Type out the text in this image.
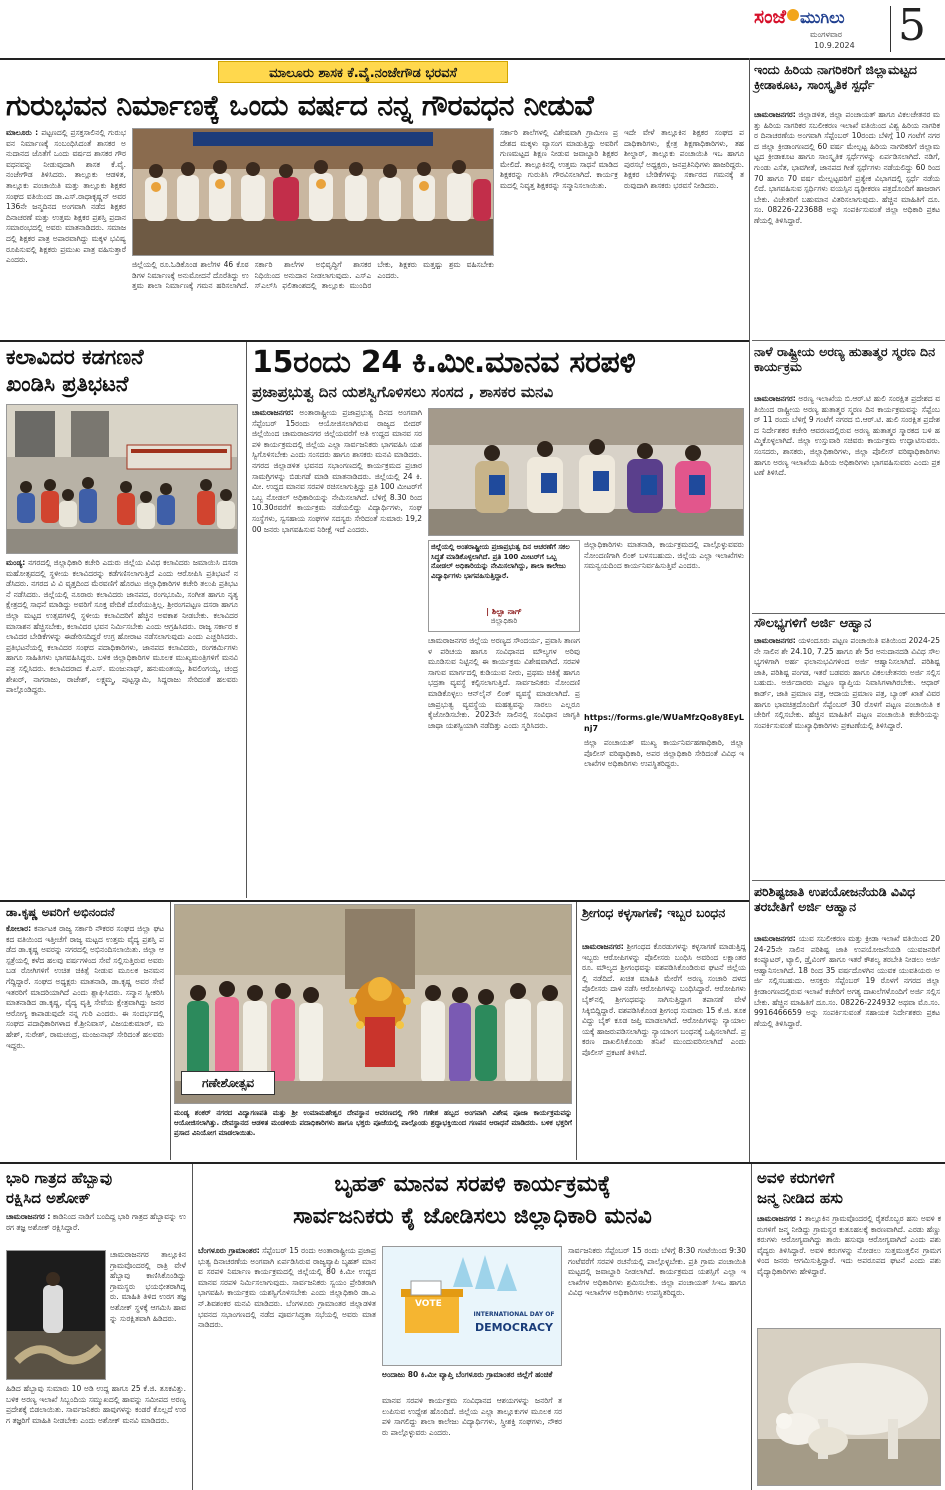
ಸಂಜೆ ಮುಗಿಲು
ಮಂಗಳವಾರ
10.9.2024 5
ಮಾಲೂರು ಶಾಸಕ ಕೆ.ವೈ.ನಂಜೇಗೌಡ ಭರವಸೆ
ಗುರುಭವನ ನಿರ್ಮಾಣಕ್ಕೆ ಒಂದು ವರ್ಷದ ನನ್ನ ಗೌರವಧನ ನೀಡುವೆ
ಮಾಲೂರು : ಪಟ್ಟಣದಲ್ಲಿ ಪ್ರಸಕ್ತಸಾಲಿನಲ್ಲಿ ಗುರುಭವನ ನಿರ್ಮಾಣಕ್ಕೆ ಸಂಬಂಧಿಸಿದಂತೆ ಶಾಸಕರ ಅನುದಾನದ ಜೊತೆಗೆ ಒಂದು ವರ್ಷದ ಶಾಸಕರ ಗೌರವಧನವನ್ನು ನೀಡುವುದಾಗಿ ಶಾಸಕ ಕೆ.ವೈ.ನಂಜೇಗೌಡ ತಿಳಿಸಿದರು. ತಾಲ್ಲೂಕು ಆಡಳಿತ, ತಾಲ್ಲೂಕು ಪಂಚಾಯಿತಿ ಮತ್ತು ತಾಲ್ಲೂಕು ಶಿಕ್ಷಕರ ಸಂಘದ ವತಿಯಿಂದ ಡಾ.ಎಸ್.ರಾಧಾಕೃಷ್ಣನ್ ಅವರ 136ನೇ ಜನ್ಮದಿನದ ಅಂಗವಾಗಿ ನಡೆದ ಶಿಕ್ಷಕರ ದಿನಾಚರಣೆ ಮತ್ತು ಉತ್ತಮ ಶಿಕ್ಷಕರ ಪ್ರಶಸ್ತಿ ಪ್ರದಾನ ಸಮಾರಂಭದಲ್ಲಿ ಅವರು ಮಾತನಾಡಿದರು. ಸಮಾಜದಲ್ಲಿ ಶಿಕ್ಷಕರ ಪಾತ್ರ ಅಪಾರವಾಗಿದ್ದು ಮಕ್ಕಳ ಭವಿಷ್ಯ ರೂಪಿಸುವಲ್ಲಿ ಶಿಕ್ಷಕರು ಪ್ರಮುಖ ಪಾತ್ರ ವಹಿಸುತ್ತಾರೆ ಎಂದರು.
ಜಿಲ್ಲೆಯಲ್ಲಿ ರೂ.ಓಡಿಕೊಂಡ ಶಾಲೆಗಳ 46 ಕೊಠಡಿಗಳ ನಿರ್ಮಾಣಕ್ಕೆ ಅನುಮೋದನೆ ದೊರೆತಿದ್ದು ಉತ್ತಮ ಶಾಲಾ ನಿರ್ಮಾಣಕ್ಕೆ ಗಮನ ಹರಿಸಲಾಗಿದೆ. ಸರ್ಕಾರಿ ಶಾಲೆಗಳ ಅಭಿವೃದ್ಧಿಗೆ ಶಾಸಕರ ನಿಧಿಯಿಂದ ಅನುದಾನ ನೀಡಲಾಗುವುದು. ಎಸ್‌ಎಸ್‌ಎಲ್‌ಸಿ ಫಲಿತಾಂಶದಲ್ಲಿ ತಾಲ್ಲೂಕು ಮುಂದಿರಬೇಕು, ಶಿಕ್ಷಕರು ಮತ್ತಷ್ಟು ಶ್ರಮ ವಹಿಸಬೇಕು ಎಂದರು.
ಸರ್ಕಾರಿ ಶಾಲೆಗಳಲ್ಲಿ ವಿಶೇಷವಾಗಿ ಗ್ರಾಮೀಣ ಪ್ರದೇಶದ ಮಕ್ಕಳು ವ್ಯಾಸಂಗ ಮಾಡುತ್ತಿದ್ದು ಅವರಿಗೆ ಗುಣಮಟ್ಟದ ಶಿಕ್ಷಣ ನೀಡುವ ಜವಾಬ್ದಾರಿ ಶಿಕ್ಷಕರ ಮೇಲಿದೆ. ತಾಲ್ಲೂಕಿನಲ್ಲಿ ಉತ್ತಮ ಸಾಧನೆ ಮಾಡಿದ ಶಿಕ್ಷಕರನ್ನು ಗುರುತಿಸಿ ಗೌರವಿಸಲಾಗಿದೆ. ಕಾರ್ಯಕ್ರಮದಲ್ಲಿ ನಿವೃತ್ತ ಶಿಕ್ಷಕರನ್ನು ಸನ್ಮಾನಿಸಲಾಯಿತು.
ಇದೇ ವೇಳೆ ತಾಲ್ಲೂಕಿನ ಶಿಕ್ಷಕರ ಸಂಘದ ಪದಾಧಿಕಾರಿಗಳು, ಕ್ಷೇತ್ರ ಶಿಕ್ಷಣಾಧಿಕಾರಿಗಳು, ತಹಶೀಲ್ದಾರ್, ತಾಲ್ಲೂಕು ಪಂಚಾಯಿತಿ ಇಒ ಹಾಗೂ ಪುರಸಭೆ ಅಧ್ಯಕ್ಷರು, ಜನಪ್ರತಿನಿಧಿಗಳು ಹಾಜರಿದ್ದರು. ಶಿಕ್ಷಕರ ಬೇಡಿಕೆಗಳನ್ನು ಸರ್ಕಾರದ ಗಮನಕ್ಕೆ ತರುವುದಾಗಿ ಶಾಸಕರು ಭರವಸೆ ನೀಡಿದರು.
ಇಂದು ಹಿರಿಯ ನಾಗರಿಕರಿಗೆ ಜಿಲ್ಲಾಮಟ್ಟದ ಕ್ರೀಡಾಕೂಟ, ಸಾಂಸ್ಕೃತಿಕ ಸ್ಪರ್ಧೆ
ಚಾಮರಾಜನಗರ: ಜಿಲ್ಲಾಡಳಿತ, ಜಿಲ್ಲಾ ಪಂಚಾಯತ್ ಹಾಗೂ ವಿಕಲಚೇತನರ ಮತ್ತು ಹಿರಿಯ ನಾಗರಿಕರ ಸಬಲೀಕರಣ ಇಲಾಖೆ ವತಿಯಿಂದ ವಿಶ್ವ ಹಿರಿಯ ನಾಗರಿಕರ ದಿನಾಚರಣೆಯ ಅಂಗವಾಗಿ ಸೆಪ್ಟೆಂಬರ್ 10ರಂದು ಬೆಳಿಗ್ಗೆ 10 ಗಂಟೆಗೆ ನಗರದ ಜಿಲ್ಲಾ ಕ್ರೀಡಾಂಗಣದಲ್ಲಿ 60 ವರ್ಷ ಮೇಲ್ಪಟ್ಟ ಹಿರಿಯ ನಾಗರಿಕರಿಗೆ ಜಿಲ್ಲಾಮಟ್ಟದ ಕ್ರೀಡಾಕೂಟ ಹಾಗೂ ಸಾಂಸ್ಕೃತಿಕ ಸ್ಪರ್ಧೆಗಳನ್ನು ಏರ್ಪಡಿಸಲಾಗಿದೆ. ನಡಿಗೆ, ಗುಂಡು ಎಸೆತ, ಭಾವಗೀತೆ, ಜಾನಪದ ಗೀತೆ ಸ್ಪರ್ಧೆಗಳು ನಡೆಯಲಿದ್ದು 60 ರಿಂದ 70 ಹಾಗೂ 70 ವರ್ಷ ಮೇಲ್ಪಟ್ಟವರಿಗೆ ಪ್ರತ್ಯೇಕ ವಿಭಾಗದಲ್ಲಿ ಸ್ಪರ್ಧೆ ನಡೆಯಲಿದೆ. ಭಾಗವಹಿಸುವ ಸ್ಪರ್ಧಿಗಳು ವಯಸ್ಸಿನ ದೃಢೀಕರಣ ಪತ್ರದೊಂದಿಗೆ ಹಾಜರಾಗಬೇಕು. ವಿಜೇತರಿಗೆ ಬಹುಮಾನ ವಿತರಿಸಲಾಗುವುದು. ಹೆಚ್ಚಿನ ಮಾಹಿತಿಗೆ ದೂ.ಸಂ. 08226-223688 ಅನ್ನು ಸಂಪರ್ಕಿಸುವಂತೆ ಜಿಲ್ಲಾ ಅಧಿಕಾರಿ ಪ್ರಕಟಣೆಯಲ್ಲಿ ತಿಳಿಸಿದ್ದಾರೆ.
ನಾಳೆ ರಾಷ್ಟ್ರೀಯ ಅರಣ್ಯ ಹುತಾತ್ಮರ ಸ್ಮರಣ ದಿನ ಕಾರ್ಯಕ್ರಮ
ಚಾಮರಾಜನಗರ: ಅರಣ್ಯ ಇಲಾಖೆಯ ಬಿ.ಆರ್.ಟಿ ಹುಲಿ ಸಂರಕ್ಷಿತ ಪ್ರದೇಶದ ವತಿಯಿಂದ ರಾಷ್ಟ್ರೀಯ ಅರಣ್ಯ ಹುತಾತ್ಮರ ಸ್ಮರಣ ದಿನ ಕಾರ್ಯಕ್ರಮವನ್ನು ಸೆಪ್ಟೆಂಬರ್ 11 ರಂದು ಬೆಳಿಗ್ಗೆ 9 ಗಂಟೆಗೆ ನಗರದ ಬಿ.ಆರ್.ಟಿ. ಹುಲಿ ಸಂರಕ್ಷಿತ ಪ್ರದೇಶದ ನಿರ್ದೇಶಕರ ಕಚೇರಿ ಆವರಣದಲ್ಲಿರುವ ಅರಣ್ಯ ಹುತಾತ್ಮರ ಸ್ಮಾರಕದ ಬಳಿ ಹಮ್ಮಿಕೊಳ್ಳಲಾಗಿದೆ. ಜಿಲ್ಲಾ ಉಸ್ತುವಾರಿ ಸಚಿವರು ಕಾರ್ಯಕ್ರಮ ಉದ್ಘಾಟಿಸುವರು. ಸಂಸದರು, ಶಾಸಕರು, ಜಿಲ್ಲಾಧಿಕಾರಿಗಳು, ಜಿಲ್ಲಾ ಪೊಲೀಸ್ ವರಿಷ್ಠಾಧಿಕಾರಿಗಳು ಹಾಗೂ ಅರಣ್ಯ ಇಲಾಖೆಯ ಹಿರಿಯ ಅಧಿಕಾರಿಗಳು ಭಾಗವಹಿಸುವರು ಎಂದು ಪ್ರಕಟಣೆ ತಿಳಿಸಿದೆ.
ಸೌಲಭ್ಯಗಳಿಗೆ ಅರ್ಜಿ ಆಹ್ವಾನ
ಚಾಮರಾಜನಗರ: ಯಳಂದೂರು ಪಟ್ಟಣ ಪಂಚಾಯಿತಿ ವತಿಯಿಂದ 2024-25ನೇ ಸಾಲಿನ ಶೇ 24.10, 7.25 ಹಾಗೂ ಶೇ 5ರ ಅನುದಾನದಡಿ ವಿವಿಧ ಸೌಲಭ್ಯಗಳಿಗಾಗಿ ಅರ್ಹ ಫಲಾನುಭವಿಗಳಿಂದ ಅರ್ಜಿ ಆಹ್ವಾನಿಸಲಾಗಿದೆ. ಪರಿಶಿಷ್ಟ ಜಾತಿ, ಪರಿಶಿಷ್ಟ ಪಂಗಡ, ಇತರೆ ಬಡವರು ಹಾಗೂ ವಿಕಲಚೇತನರು ಅರ್ಜಿ ಸಲ್ಲಿಸಬಹುದು. ಅರ್ಜಿದಾರರು ಪಟ್ಟಣ ವ್ಯಾಪ್ತಿಯ ನಿವಾಸಿಗಳಾಗಿರಬೇಕು. ಆಧಾರ್ ಕಾರ್ಡ್, ಜಾತಿ ಪ್ರಮಾಣ ಪತ್ರ, ಆದಾಯ ಪ್ರಮಾಣ ಪತ್ರ, ಬ್ಯಾಂಕ್ ಖಾತೆ ವಿವರ ಹಾಗೂ ಭಾವಚಿತ್ರದೊಂದಿಗೆ ಸೆಪ್ಟೆಂಬರ್ 30 ರೊಳಗೆ ಪಟ್ಟಣ ಪಂಚಾಯಿತಿ ಕಚೇರಿಗೆ ಸಲ್ಲಿಸಬೇಕು. ಹೆಚ್ಚಿನ ಮಾಹಿತಿಗೆ ಪಟ್ಟಣ ಪಂಚಾಯಿತಿ ಕಚೇರಿಯನ್ನು ಸಂಪರ್ಕಿಸುವಂತೆ ಮುಖ್ಯಾಧಿಕಾರಿಗಳು ಪ್ರಕಟಣೆಯಲ್ಲಿ ತಿಳಿಸಿದ್ದಾರೆ.
ಪರಿಶಿಷ್ಟಜಾತಿ ಉಪಯೋಜನೆಯಡಿ ವಿವಿಧ ತರಬೇತಿಗೆ ಅರ್ಜಿ ಆಹ್ವಾನ
ಚಾಮರಾಜನಗರ: ಯುವ ಸಬಲೀಕರಣ ಮತ್ತು ಕ್ರೀಡಾ ಇಲಾಖೆ ವತಿಯಿಂದ 2024-25ನೇ ಸಾಲಿನ ಪರಿಶಿಷ್ಟ ಜಾತಿ ಉಪಯೋಜನೆಯಡಿ ಯುವಜನರಿಗೆ ಕಂಪ್ಯೂಟರ್, ಟ್ಯಾಲಿ, ಡ್ರೈವಿಂಗ್ ಹಾಗೂ ಇತರೆ ಕೌಶಲ್ಯ ತರಬೇತಿ ನೀಡಲು ಅರ್ಜಿ ಆಹ್ವಾನಿಸಲಾಗಿದೆ. 18 ರಿಂದ 35 ವರ್ಷದೊಳಗಿನ ಯುವಕ ಯುವತಿಯರು ಅರ್ಜಿ ಸಲ್ಲಿಸಬಹುದು. ಆಸಕ್ತರು ಸೆಪ್ಟೆಂಬರ್ 19 ರೊಳಗೆ ನಗರದ ಜಿಲ್ಲಾ ಕ್ರೀಡಾಂಗಣದಲ್ಲಿರುವ ಇಲಾಖೆ ಕಚೇರಿಗೆ ಅಗತ್ಯ ದಾಖಲೆಗಳೊಂದಿಗೆ ಅರ್ಜಿ ಸಲ್ಲಿಸಬೇಕು. ಹೆಚ್ಚಿನ ಮಾಹಿತಿಗೆ ದೂ.ಸಂ. 08226-224932 ಅಥವಾ ಮೊ.ಸಂ. 9916466659 ಅನ್ನು ಸಂಪರ್ಕಿಸುವಂತೆ ಸಹಾಯಕ ನಿರ್ದೇಶಕರು ಪ್ರಕಟಣೆಯಲ್ಲಿ ತಿಳಿಸಿದ್ದಾರೆ.
ಕಲಾವಿದರ ಕಡಗಣನೆ
ಖಂಡಿಸಿ ಪ್ರತಿಭಟನೆ
ಮಂಡ್ಯ: ನಗರದಲ್ಲಿ ಜಿಲ್ಲಾಧಿಕಾರಿ ಕಚೇರಿ ಎದುರು ಜಿಲ್ಲೆಯ ವಿವಿಧ ಕಲಾವಿದರು ಜಮಾಯಿಸಿ ದಸರಾ ಮಹೋತ್ಸವದಲ್ಲಿ ಸ್ಥಳೀಯ ಕಲಾವಿದರನ್ನು ಕಡೆಗಣಿಸಲಾಗುತ್ತಿದೆ ಎಂದು ಆರೋಪಿಸಿ ಪ್ರತಿಭಟನೆ ನಡೆಸಿದರು. ನಗರದ ವಿ ವಿ ವೃತ್ತದಿಂದ ಮೆರವಣಿಗೆ ಹೊರಟು ಜಿಲ್ಲಾಧಿಕಾರಿಗಳ ಕಚೇರಿ ತಲುಪಿ ಪ್ರತಿಭಟನೆ ನಡೆಸಿದರು. ಜಿಲ್ಲೆಯಲ್ಲಿ ನೂರಾರು ಕಲಾವಿದರು ಜಾನಪದ, ರಂಗಭೂಮಿ, ಸಂಗೀತ ಹಾಗೂ ನೃತ್ಯ ಕ್ಷೇತ್ರದಲ್ಲಿ ಸಾಧನೆ ಮಾಡಿದ್ದು ಅವರಿಗೆ ಸೂಕ್ತ ವೇದಿಕೆ ದೊರೆಯುತ್ತಿಲ್ಲ. ಶ್ರೀರಂಗಪಟ್ಟಣ ದಸರಾ ಹಾಗೂ ಜಿಲ್ಲಾ ಮಟ್ಟದ ಉತ್ಸವಗಳಲ್ಲಿ ಸ್ಥಳೀಯ ಕಲಾವಿದರಿಗೆ ಹೆಚ್ಚಿನ ಅವಕಾಶ ನೀಡಬೇಕು. ಕಲಾವಿದರ ಮಾಸಾಶನ ಹೆಚ್ಚಿಸಬೇಕು, ಕಲಾವಿದರ ಭವನ ನಿರ್ಮಿಸಬೇಕು ಎಂದು ಆಗ್ರಹಿಸಿದರು. ರಾಜ್ಯ ಸರ್ಕಾರ ಕಲಾವಿದರ ಬೇಡಿಕೆಗಳನ್ನು ಈಡೇರಿಸದಿದ್ದರೆ ಉಗ್ರ ಹೋರಾಟ ನಡೆಸಲಾಗುವುದು ಎಂದು ಎಚ್ಚರಿಸಿದರು. ಪ್ರತಿಭಟನೆಯಲ್ಲಿ ಕಲಾವಿದರ ಸಂಘದ ಪದಾಧಿಕಾರಿಗಳು, ಜಾನಪದ ಕಲಾವಿದರು, ರಂಗಕರ್ಮಿಗಳು ಹಾಗೂ ಸಾಹಿತಿಗಳು ಭಾಗವಹಿಸಿದ್ದರು. ಬಳಿಕ ಜಿಲ್ಲಾಧಿಕಾರಿಗಳ ಮೂಲಕ ಮುಖ್ಯಮಂತ್ರಿಗಳಿಗೆ ಮನವಿ ಪತ್ರ ಸಲ್ಲಿಸಿದರು. ಕಲಾವಿದರಾದ ಕೆ.ಎಸ್. ಮಂಜುನಾಥ್, ಹನುಮಂತಯ್ಯ, ಶಿವಲಿಂಗಯ್ಯ, ಚಂದ್ರಶೇಖರ್, ನಾಗರಾಜು, ರಾಜೇಶ್, ಲಕ್ಷ್ಮಮ್ಮ, ಪುಟ್ಟಸ್ವಾಮಿ, ಸಿದ್ದರಾಜು ಸೇರಿದಂತೆ ಹಲವರು ಪಾಲ್ಗೊಂಡಿದ್ದರು.
15ರಂದು 24 ಕಿ.ಮೀ.ಮಾನವ ಸರಪಳಿ
ಪ್ರಜಾಪ್ರಭುತ್ವ ದಿನ ಯಶಸ್ವಿಗೊಳಿಸಲು ಸಂಸದ , ಶಾಸಕರ ಮನವಿ
ಚಾಮರಾಜನಗರ: ಅಂತಾರಾಷ್ಟ್ರೀಯ ಪ್ರಜಾಪ್ರಭುತ್ವ ದಿನದ ಅಂಗವಾಗಿ ಸೆಪ್ಟೆಂಬರ್ 15ರಂದು ಆಯೋಜಿಸಲಾಗಿರುವ ರಾಜ್ಯದ ಬೀದರ್ ಜಿಲ್ಲೆಯಿಂದ ಚಾಮರಾಜನಗರ ಜಿಲ್ಲೆಯವರೆಗೆ ಅತಿ ಉದ್ದದ ಮಾನವ ಸರಪಳಿ ಕಾರ್ಯಕ್ರಮದಲ್ಲಿ ಜಿಲ್ಲೆಯ ಎಲ್ಲಾ ಸಾರ್ವಜನಿಕರು ಭಾಗವಹಿಸಿ ಯಶಸ್ವಿಗೊಳಿಸಬೇಕು ಎಂದು ಸಂಸದರು ಹಾಗೂ ಶಾಸಕರು ಮನವಿ ಮಾಡಿದರು. ನಗರದ ಜಿಲ್ಲಾಡಳಿತ ಭವನದ ಸಭಾಂಗಣದಲ್ಲಿ ಕಾರ್ಯಕ್ರಮದ ಪ್ರಚಾರ ಸಾಮಗ್ರಿಗಳನ್ನು ಬಿಡುಗಡೆ ಮಾಡಿ ಮಾತನಾಡಿದರು. ಜಿಲ್ಲೆಯಲ್ಲಿ 24 ಕಿ.ಮೀ. ಉದ್ದದ ಮಾನವ ಸರಪಳಿ ರಚಿಸಲಾಗುತ್ತಿದ್ದು ಪ್ರತಿ 100 ಮೀಟರ್‌ಗೆ ಒಬ್ಬ ನೋಡಲ್ ಅಧಿಕಾರಿಯನ್ನು ನೇಮಿಸಲಾಗಿದೆ. ಬೆಳಿಗ್ಗೆ 8.30 ರಿಂದ 10.30ರವರೆಗೆ ಕಾರ್ಯಕ್ರಮ ನಡೆಯಲಿದ್ದು ವಿದ್ಯಾರ್ಥಿಗಳು, ಸಂಘ ಸಂಸ್ಥೆಗಳು, ಸ್ವಸಹಾಯ ಸಂಘಗಳ ಸದಸ್ಯರು ಸೇರಿದಂತೆ ಸುಮಾರು 19,200 ಜನರು ಭಾಗವಹಿಸುವ ನಿರೀಕ್ಷೆ ಇದೆ ಎಂದರು.
ಜಿಲ್ಲೆಯಲ್ಲಿ ಅಂತರಾಷ್ಟ್ರೀಯ ಪ್ರಜಾಪ್ರಭುತ್ವ ದಿನ ಆಚರಣೆಗೆ ಸಕಲ ಸಿದ್ಧತೆ ಮಾಡಿಕೊಳ್ಳಲಾಗಿದೆ. ಪ್ರತಿ 100 ಮೀಟರ್‌ಗೆ ಒಬ್ಬ ನೋಡಲ್ ಅಧಿಕಾರಿಯನ್ನು ನೇಮಿಸಲಾಗಿದ್ದು, ಶಾಲಾ ಕಾಲೇಜು ವಿದ್ಯಾರ್ಥಿಗಳು ಭಾಗವಹಿಸುತ್ತಿದ್ದಾರೆ.
| ಶಿಲ್ಪಾ ನಾಗ್
ಜಿಲ್ಲಾಧಿಕಾರಿ
ಜಿಲ್ಲಾಧಿಕಾರಿಗಳು ಮಾತನಾಡಿ, ಕಾರ್ಯಕ್ರಮದಲ್ಲಿ ಪಾಲ್ಗೊಳ್ಳುವವರು ನೋಂದಣಿಗಾಗಿ ಲಿಂಕ್ ಬಳಸಬಹುದು. ಜಿಲ್ಲೆಯ ಎಲ್ಲಾ ಇಲಾಖೆಗಳು ಸಮನ್ವಯದಿಂದ ಕಾರ್ಯನಿರ್ವಹಿಸುತ್ತಿವೆ ಎಂದರು.
https://forms.gle/WUaMfzQo8y8EyLnj7
ಚಾಮರಾಜನಗರ ಜಿಲ್ಲೆಯ ಅರಣ್ಯದ ಸೌಂದರ್ಯ, ಪ್ರವಾಸಿ ತಾಣಗಳ ಪರಿಚಯ ಹಾಗೂ ಸಂವಿಧಾನದ ಮೌಲ್ಯಗಳ ಅರಿವು ಮೂಡಿಸುವ ನಿಟ್ಟಿನಲ್ಲಿ ಈ ಕಾರ್ಯಕ್ರಮ ವಿಶೇಷವಾಗಿದೆ. ಸರಪಳಿ ಸಾಗುವ ಮಾರ್ಗದಲ್ಲಿ ಕುಡಿಯುವ ನೀರು, ಪ್ರಥಮ ಚಿಕಿತ್ಸೆ ಹಾಗೂ ಭದ್ರತಾ ವ್ಯವಸ್ಥೆ ಕಲ್ಪಿಸಲಾಗುತ್ತಿದೆ. ಸಾರ್ವಜನಿಕರು ನೋಂದಣಿ ಮಾಡಿಕೊಳ್ಳಲು ಆನ್‌ಲೈನ್ ಲಿಂಕ್ ವ್ಯವಸ್ಥೆ ಮಾಡಲಾಗಿದೆ. ಪ್ರಜಾಪ್ರಭುತ್ವ ವ್ಯವಸ್ಥೆಯ ಮಹತ್ವವನ್ನು ಸಾರಲು ಎಲ್ಲರೂ ಕೈಜೋಡಿಸಬೇಕು. 2023ನೇ ಸಾಲಿನಲ್ಲಿ ಸಂವಿಧಾನ ಜಾಗೃತಿ ಜಾಥಾ ಯಶಸ್ವಿಯಾಗಿ ನಡೆದಿತ್ತು ಎಂದು ಸ್ಮರಿಸಿದರು.
ಜಿಲ್ಲಾ ಪಂಚಾಯತ್ ಮುಖ್ಯ ಕಾರ್ಯನಿರ್ವಹಣಾಧಿಕಾರಿ, ಜಿಲ್ಲಾ ಪೊಲೀಸ್ ವರಿಷ್ಠಾಧಿಕಾರಿ, ಅಪರ ಜಿಲ್ಲಾಧಿಕಾರಿ ಸೇರಿದಂತೆ ವಿವಿಧ ಇಲಾಖೆಗಳ ಅಧಿಕಾರಿಗಳು ಉಪಸ್ಥಿತರಿದ್ದರು.
ಡಾ.ಕೃಷ್ಣ ಅವರಿಗೆ ಅಭಿನಂದನೆ
ಕೋಲಾರ: ಕರ್ನಾಟಕ ರಾಜ್ಯ ಸರ್ಕಾರಿ ನೌಕರರ ಸಂಘದ ಜಿಲ್ಲಾ ಘಟಕದ ವತಿಯಿಂದ ಇತ್ತೀಚೆಗೆ ರಾಜ್ಯ ಮಟ್ಟದ ಉತ್ತಮ ವೈದ್ಯ ಪ್ರಶಸ್ತಿ ಪಡೆದ ಡಾ.ಕೃಷ್ಣ ಅವರನ್ನು ನಗರದಲ್ಲಿ ಅಭಿನಂದಿಸಲಾಯಿತು. ಜಿಲ್ಲಾ ಆಸ್ಪತ್ರೆಯಲ್ಲಿ ಕಳೆದ ಹಲವು ವರ್ಷಗಳಿಂದ ಸೇವೆ ಸಲ್ಲಿಸುತ್ತಿರುವ ಅವರು ಬಡ ರೋಗಿಗಳಿಗೆ ಉಚಿತ ಚಿಕಿತ್ಸೆ ನೀಡುವ ಮೂಲಕ ಜನಮನ ಗೆದ್ದಿದ್ದಾರೆ. ಸಂಘದ ಅಧ್ಯಕ್ಷರು ಮಾತನಾಡಿ, ಡಾ.ಕೃಷ್ಣ ಅವರ ಸೇವೆ ಇತರರಿಗೆ ಮಾದರಿಯಾಗಿದೆ ಎಂದು ಶ್ಲಾಘಿಸಿದರು. ಸನ್ಮಾನ ಸ್ವೀಕರಿಸಿ ಮಾತನಾಡಿದ ಡಾ.ಕೃಷ್ಣ, ವೈದ್ಯ ವೃತ್ತಿ ಸೇವೆಯ ಕ್ಷೇತ್ರವಾಗಿದ್ದು ಜನರ ಆರೋಗ್ಯ ಕಾಪಾಡುವುದೇ ನನ್ನ ಗುರಿ ಎಂದರು. ಈ ಸಂದರ್ಭದಲ್ಲಿ ಸಂಘದ ಪದಾಧಿಕಾರಿಗಳಾದ ಕೆ.ಶ್ರೀನಿವಾಸ್, ವಿಜಯಕುಮಾರ್, ಮಹೇಶ್, ಸುರೇಶ್, ರಾಮಚಂದ್ರ, ಮಂಜುನಾಥ್ ಸೇರಿದಂತೆ ಹಲವರು ಇದ್ದರು.
ಗಣೇಶೋತ್ಸವ
ಮಂಡ್ಯ ಶಂಕರ್ ನಗರದ ವಿದ್ಯಾಗಣಪತಿ ಮತ್ತು ಶ್ರೀ ಉಮಾಮಹೇಶ್ವರ ದೇವಸ್ಥಾನ ಆವರಣದಲ್ಲಿ ಗೌರಿ ಗಣೇಶ ಹಬ್ಬದ ಅಂಗವಾಗಿ ವಿಶೇಷ ಪೂಜಾ ಕಾರ್ಯಕ್ರಮವನ್ನು ಆಯೋಜಿಸಲಾಗಿತ್ತು. ದೇವಸ್ಥಾನದ ಆಡಳಿತ ಮಂಡಳಿಯ ಪದಾಧಿಕಾರಿಗಳು ಹಾಗೂ ಭಕ್ತರು ಪೂಜೆಯಲ್ಲಿ ಪಾಲ್ಗೊಂಡು ಶ್ರದ್ಧಾಭಕ್ತಿಯಿಂದ ಗಣಪನ ಆರಾಧನೆ ಮಾಡಿದರು. ಬಳಿಕ ಭಕ್ತರಿಗೆ ಪ್ರಸಾದ ವಿನಿಯೋಗ ಮಾಡಲಾಯಿತು.
ಶ್ರೀಗಂಧ ಕಳ್ಳಸಾಗಣೆ; ಇಬ್ಬರ ಬಂಧನ
ಚಾಮರಾಜನಗರ: ಶ್ರೀಗಂಧದ ಕೊರಡುಗಳನ್ನು ಕಳ್ಳಸಾಗಣೆ ಮಾಡುತ್ತಿದ್ದ ಇಬ್ಬರು ಆರೋಪಿಗಳನ್ನು ಪೊಲೀಸರು ಬಂಧಿಸಿ ಅವರಿಂದ ಲಕ್ಷಾಂತರ ರೂ. ಮೌಲ್ಯದ ಶ್ರೀಗಂಧವನ್ನು ವಶಪಡಿಸಿಕೊಂಡಿರುವ ಘಟನೆ ಜಿಲ್ಲೆಯಲ್ಲಿ ನಡೆದಿದೆ. ಖಚಿತ ಮಾಹಿತಿ ಮೇರೆಗೆ ಅರಣ್ಯ ಸಂಚಾರಿ ದಳದ ಪೊಲೀಸರು ದಾಳಿ ನಡೆಸಿ ಆರೋಪಿಗಳನ್ನು ಬಂಧಿಸಿದ್ದಾರೆ. ಆರೋಪಿಗಳು ಬೈಕ್‌ನಲ್ಲಿ ಶ್ರೀಗಂಧವನ್ನು ಸಾಗಿಸುತ್ತಿದ್ದಾಗ ತಪಾಸಣೆ ವೇಳೆ ಸಿಕ್ಕಿಬಿದ್ದಿದ್ದಾರೆ. ವಶಪಡಿಸಿಕೊಂಡ ಶ್ರೀಗಂಧ ಸುಮಾರು 15 ಕೆ.ಜಿ. ತೂಕವಿದ್ದು ಬೈಕ್ ಕೂಡ ಜಪ್ತಿ ಮಾಡಲಾಗಿದೆ. ಆರೋಪಿಗಳನ್ನು ನ್ಯಾಯಾಲಯಕ್ಕೆ ಹಾಜರುಪಡಿಸಲಾಗಿದ್ದು ನ್ಯಾಯಾಂಗ ಬಂಧನಕ್ಕೆ ಒಪ್ಪಿಸಲಾಗಿದೆ. ಪ್ರಕರಣ ದಾಖಲಿಸಿಕೊಂಡು ತನಿಖೆ ಮುಂದುವರಿಸಲಾಗಿದೆ ಎಂದು ಪೊಲೀಸ್ ಪ್ರಕಟಣೆ ತಿಳಿಸಿದೆ.
ಭಾರಿ ಗಾತ್ರದ ಹೆಬ್ಬಾವು
ರಕ್ಷಿಸಿದ ಅಶೋಕ್
ಚಾಮರಾಜನಗರ : ಕಾಡಿನಿಂದ ನಾಡಿಗೆ ಬಂದಿದ್ದ ಭಾರಿ ಗಾತ್ರದ ಹೆಬ್ಬಾವನ್ನು ಉರಗ ತಜ್ಞ ಅಶೋಕ್ ರಕ್ಷಿಸಿದ್ದಾರೆ.
ಚಾಮರಾಜನಗರ ತಾಲ್ಲೂಕಿನ ಗ್ರಾಮವೊಂದರಲ್ಲಿ ರಾತ್ರಿ ವೇಳೆ ಹೆಬ್ಬಾವು ಕಾಣಿಸಿಕೊಂಡಿದ್ದು ಗ್ರಾಮಸ್ಥರು ಭಯಭೀತರಾಗಿದ್ದರು. ಮಾಹಿತಿ ತಿಳಿದ ಉರಗ ತಜ್ಞ ಅಶೋಕ್ ಸ್ಥಳಕ್ಕೆ ಆಗಮಿಸಿ ಹಾವನ್ನು ಸುರಕ್ಷಿತವಾಗಿ ಹಿಡಿದರು.
ಹಿಡಿದ ಹೆಬ್ಬಾವು ಸುಮಾರು 10 ಅಡಿ ಉದ್ದ ಹಾಗೂ 25 ಕೆ.ಜಿ. ತೂಕವಿತ್ತು. ಬಳಿಕ ಅರಣ್ಯ ಇಲಾಖೆ ಸಿಬ್ಬಂದಿಯ ಸಮ್ಮುಖದಲ್ಲಿ ಹಾವನ್ನು ಸಮೀಪದ ಅರಣ್ಯ ಪ್ರದೇಶಕ್ಕೆ ಬಿಡಲಾಯಿತು. ಸಾರ್ವಜನಿಕರು ಹಾವುಗಳನ್ನು ಕಂಡರೆ ಕೊಲ್ಲದೆ ಉರಗ ತಜ್ಞರಿಗೆ ಮಾಹಿತಿ ನೀಡಬೇಕು ಎಂದು ಅಶೋಕ್ ಮನವಿ ಮಾಡಿದರು.
ಬೃಹತ್ ಮಾನವ ಸರಪಳಿ ಕಾರ್ಯಕ್ರಮಕ್ಕೆ
ಸಾರ್ವಜನಿಕರು ಕೈ ಜೋಡಿಸಲು ಜಿಲ್ಲಾಧಿಕಾರಿ ಮನವಿ
ಬೆಂಗಳೂರು ಗ್ರಾಮಾಂತರ: ಸೆಪ್ಟೆಂಬರ್ 15 ರಂದು ಅಂತಾರಾಷ್ಟ್ರೀಯ ಪ್ರಜಾಪ್ರಭುತ್ವ ದಿನಾಚರಣೆಯ ಅಂಗವಾಗಿ ಏರ್ಪಡಿಸಿರುವ ರಾಜ್ಯವ್ಯಾಪಿ ಬೃಹತ್ ಮಾನವ ಸರಪಳಿ ನಿರ್ಮಾಣ ಕಾರ್ಯಕ್ರಮದಲ್ಲಿ ಜಿಲ್ಲೆಯಲ್ಲಿ 80 ಕಿ.ಮೀ ಉದ್ದದ ಮಾನವ ಸರಪಳಿ ನಿರ್ಮಿಸಲಾಗುವುದು. ಸಾರ್ವಜನಿಕರು ಸ್ವಯಂ ಪ್ರೇರಿತರಾಗಿ ಭಾಗವಹಿಸಿ ಕಾರ್ಯಕ್ರಮ ಯಶಸ್ವಿಗೊಳಿಸಬೇಕು ಎಂದು ಜಿಲ್ಲಾಧಿಕಾರಿ ಡಾ.ಎನ್.ಶಿವಶಂಕರ ಮನವಿ ಮಾಡಿದರು. ಬೆಂಗಳೂರು ಗ್ರಾಮಾಂತರ ಜಿಲ್ಲಾಡಳಿತ ಭವನದ ಸಭಾಂಗಣದಲ್ಲಿ ನಡೆದ ಪೂರ್ವಸಿದ್ಧತಾ ಸಭೆಯಲ್ಲಿ ಅವರು ಮಾತನಾಡಿದರು.
VOTE
INTERNATIONAL DAY OF
DEMOCRACY
ಅಂದಾಜು 80 ಕಿ.ಮೀ ವ್ಯಾಪ್ತಿ ಬೆಂಗಳೂರು ಗ್ರಾಮಾಂತರ ಜಿಲ್ಲೆಗೆ ಹಂಚಿಕೆ
ಮಾನವ ಸರಪಳಿ ಕಾರ್ಯಕ್ರಮ ಸಂವಿಧಾನದ ಆಶಯಗಳನ್ನು ಜನರಿಗೆ ತಲುಪಿಸುವ ಉದ್ದೇಶ ಹೊಂದಿದೆ. ಜಿಲ್ಲೆಯ ಎಲ್ಲಾ ತಾಲ್ಲೂಕುಗಳ ಮೂಲಕ ಸರಪಳಿ ಸಾಗಲಿದ್ದು ಶಾಲಾ ಕಾಲೇಜು ವಿದ್ಯಾರ್ಥಿಗಳು, ಸ್ತ್ರೀಶಕ್ತಿ ಸಂಘಗಳು, ನೌಕರರು ಪಾಲ್ಗೊಳ್ಳುವರು ಎಂದರು.
ಸಾರ್ವಜನಿಕರು ಸೆಪ್ಟೆಂಬರ್ 15 ರಂದು ಬೆಳಿಗ್ಗೆ 8:30 ಗಂಟೆಯಿಂದ 9:30 ಗಂಟೆವರೆಗೆ ಸರಪಳಿ ರಚನೆಯಲ್ಲಿ ಪಾಲ್ಗೊಳ್ಳಬೇಕು. ಪ್ರತಿ ಗ್ರಾಮ ಪಂಚಾಯಿತಿ ಮಟ್ಟದಲ್ಲಿ ಜವಾಬ್ದಾರಿ ನೀಡಲಾಗಿದೆ. ಕಾರ್ಯಕ್ರಮದ ಯಶಸ್ಸಿಗೆ ಎಲ್ಲಾ ಇಲಾಖೆಗಳ ಅಧಿಕಾರಿಗಳು ಶ್ರಮಿಸಬೇಕು. ಜಿಲ್ಲಾ ಪಂಚಾಯತ್ ಸಿಇಒ ಹಾಗೂ ವಿವಿಧ ಇಲಾಖೆಗಳ ಅಧಿಕಾರಿಗಳು ಉಪಸ್ಥಿತರಿದ್ದರು.
ಅವಳಿ ಕರುಗಳಿಗೆ
ಜನ್ಮ ನೀಡಿದ ಹಸು
ಚಾಮರಾಜನಗರ : ತಾಲ್ಲೂಕಿನ ಗ್ರಾಮವೊಂದರಲ್ಲಿ ರೈತರೊಬ್ಬರ ಹಸು ಅವಳಿ ಕರುಗಳಿಗೆ ಜನ್ಮ ನೀಡಿದ್ದು ಗ್ರಾಮಸ್ಥರ ಕುತೂಹಲಕ್ಕೆ ಕಾರಣವಾಗಿದೆ. ಎರಡು ಹೆಣ್ಣು ಕರುಗಳು ಆರೋಗ್ಯವಾಗಿದ್ದು ತಾಯಿ ಹಸುವೂ ಆರೋಗ್ಯವಾಗಿದೆ ಎಂದು ಪಶು ವೈದ್ಯರು ತಿಳಿಸಿದ್ದಾರೆ. ಅವಳಿ ಕರುಗಳನ್ನು ನೋಡಲು ಸುತ್ತಮುತ್ತಲಿನ ಗ್ರಾಮಗಳಿಂದ ಜನರು ಆಗಮಿಸುತ್ತಿದ್ದಾರೆ. ಇದು ಅಪರೂಪದ ಘಟನೆ ಎಂದು ಪಶು ವೈದ್ಯಾಧಿಕಾರಿಗಳು ಹೇಳಿದ್ದಾರೆ.
